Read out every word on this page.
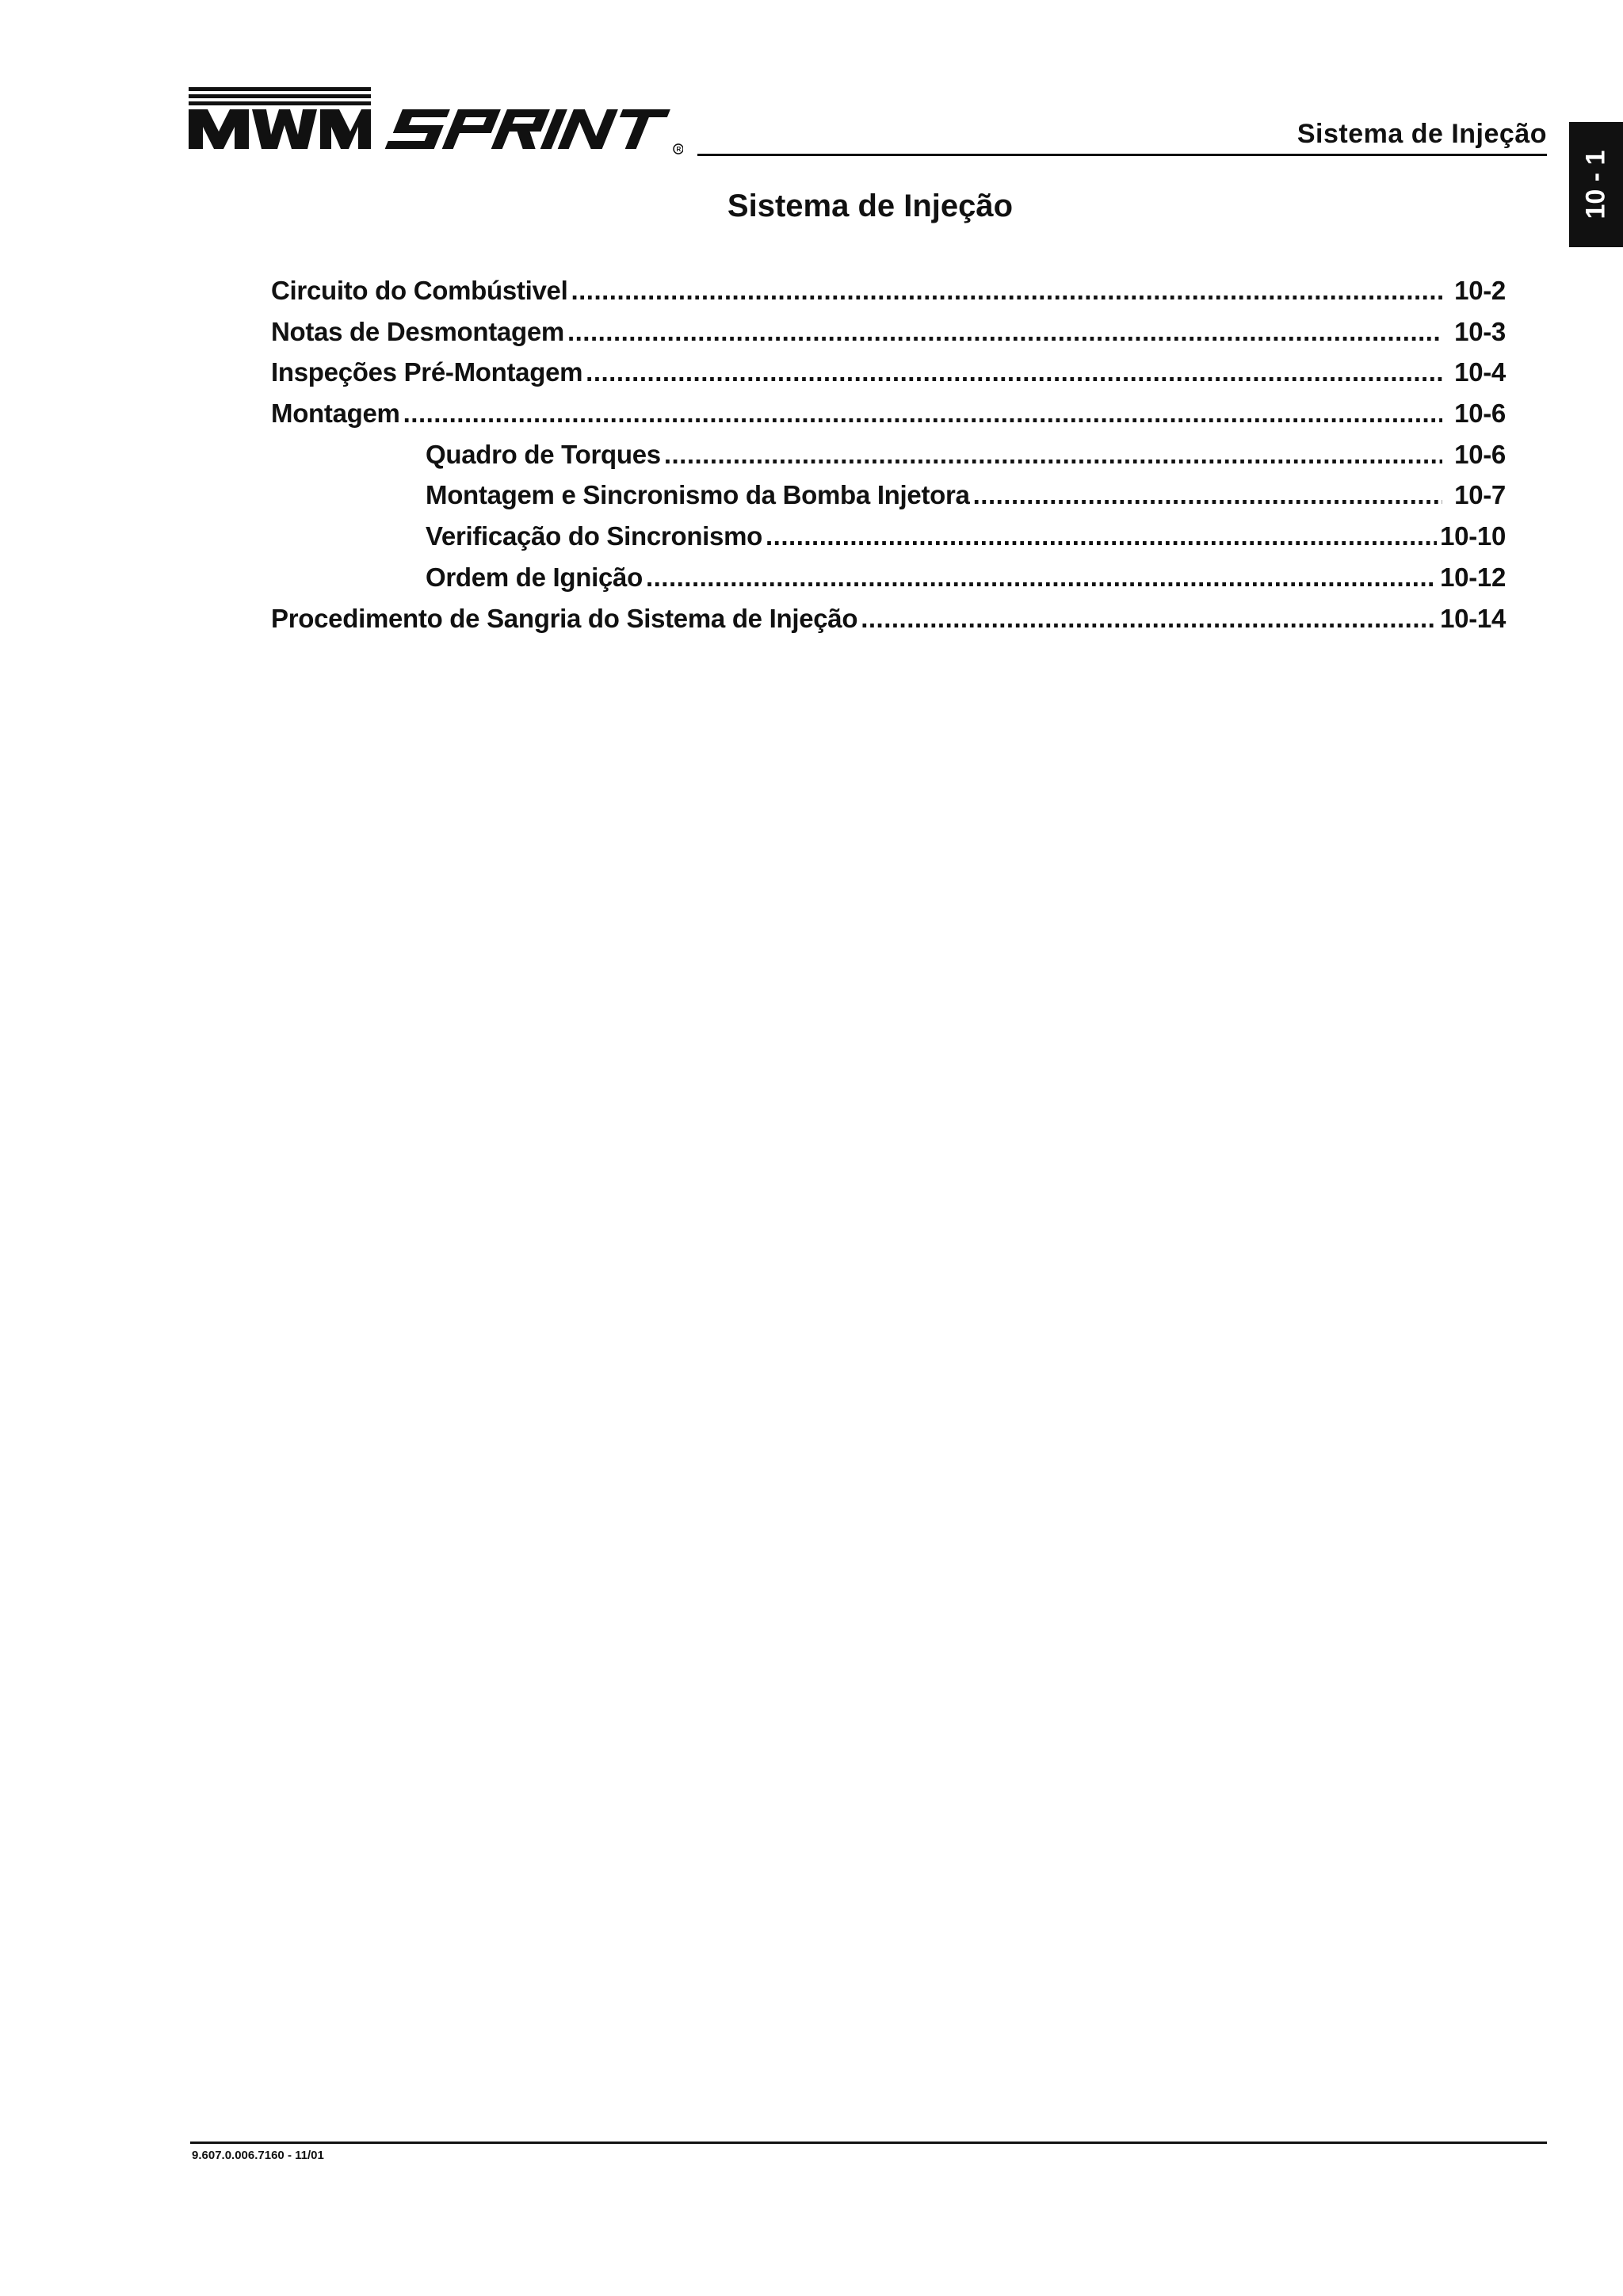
R
Sistema de Injeção
10 - 1
Sistema de Injeção
Circuito do Combústivel .....	10-2
Notas de Desmontagem .....	10-3
Inspeções Pré-Montagem .....	10-4
Montagem .....	10-6
Quadro de Torques .....	10-6
Montagem e Sincronismo da Bomba Injetora .....	10-7
Verificação do Sincronismo .....	10-10
Ordem de Ignição .....	10-12
Procedimento de Sangria do Sistema de Injeção .....	10-14
9.607.0.006.7160 - 11/01
